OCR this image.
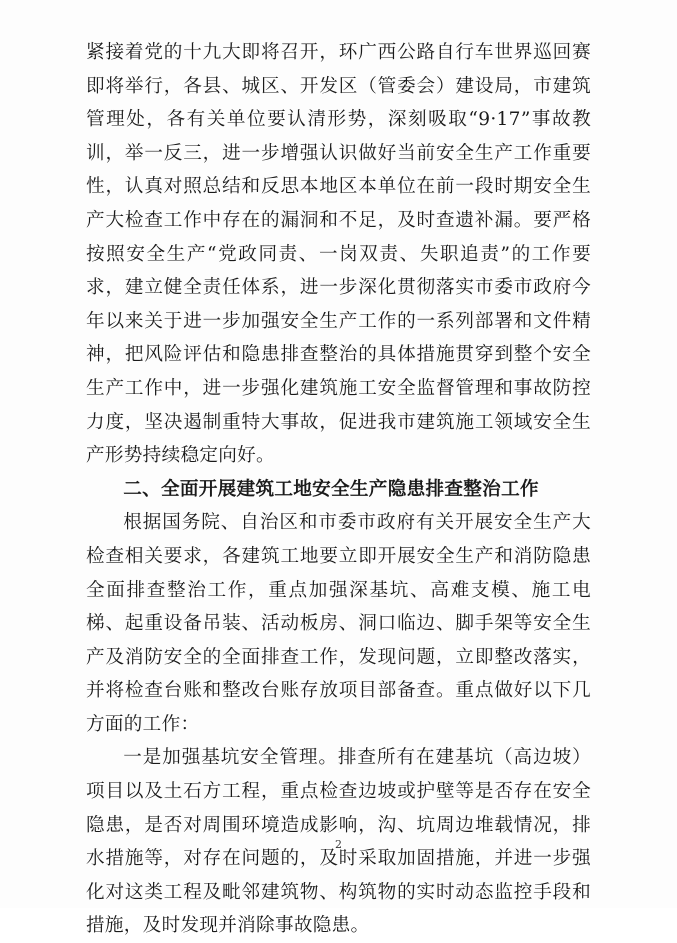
紧接着党的十九大即将召开，环广西公路自行车世界巡回赛即将举行，各县、城区、开发区（管委会）建设局，市建筑管理处，各有关单位要认清形势，深刻吸取“9·17”事故教训，举一反三，进一步增强认识做好当前安全生产工作重要性，认真对照总结和反思本地区本单位在前一段时期安全生产大检查工作中存在的漏洞和不足，及时查遗补漏。要严格按照安全生产“党政同责、一岗双责、失职追责”的工作要求，建立健全责任体系，进一步深化贯彻落实市委市政府今年以来关于进一步加强安全生产工作的一系列部署和文件精神，把风险评估和隐患排查整治的具体措施贯穿到整个安全生产工作中，进一步强化建筑施工安全监督管理和事故防控力度，坚决遏制重特大事故，促进我市建筑施工领域安全生产形势持续稳定向好。

二、全面开展建筑工地安全生产隐患排查整治工作

根据国务院、自治区和市委市政府有关开展安全生产大检查相关要求，各建筑工地要立即开展安全生产和消防隐患全面排查整治工作，重点加强深基坑、高难支模、施工电梯、起重设备吊装、活动板房、洞口临边、脚手架等安全生产及消防安全的全面排查工作，发现问题，立即整改落实，并将检查台账和整改台账存放项目部备查。重点做好以下几方面的工作：

一是加强基坑安全管理。排查所有在建基坑（高边坡）项目以及土石方工程，重点检查边坡或护壁等是否存在安全隐患，是否对周围环境造成影响，沟、坑周边堆载情况，排水措施等，对存在问题的，及时采取加固措施，并进一步强化对这类工程及毗邻建筑物、构筑物的实时动态监控手段和措施，及时发现并消除事故隐患。

2
